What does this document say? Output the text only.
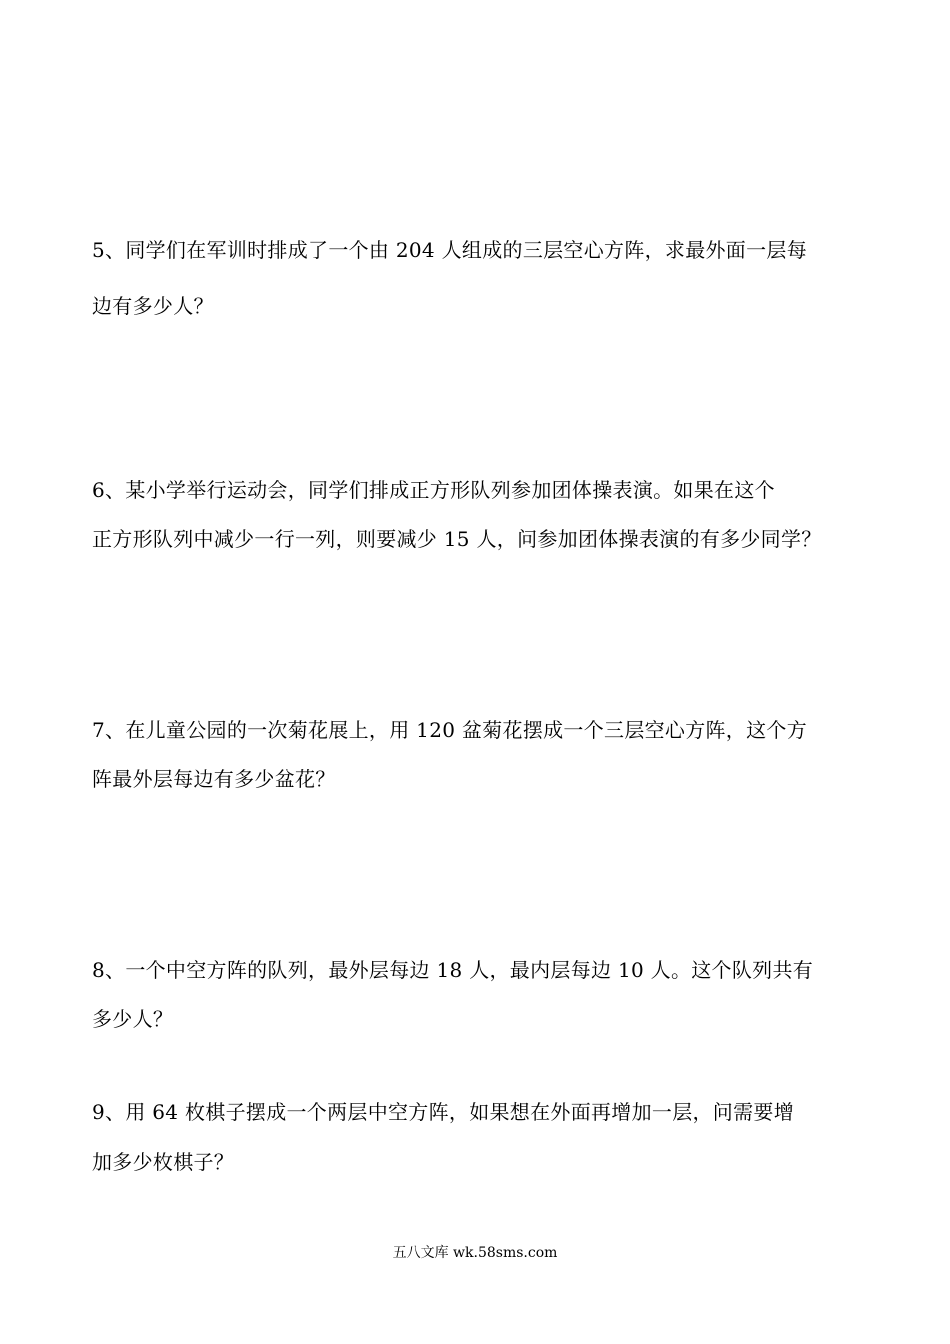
5、同学们在军训时排成了一个由 204 人组成的三层空心方阵，求最外面一层每
边有多少人？
6、某小学举行运动会，同学们排成正方形队列参加团体操表演。如果在这个
正方形队列中减少一行一列，则要减少 15 人，问参加团体操表演的有多少同学？
7、在儿童公园的一次菊花展上，用 120 盆菊花摆成一个三层空心方阵，这个方
阵最外层每边有多少盆花？
8、一个中空方阵的队列，最外层每边 18 人，最内层每边 10 人。这个队列共有
多少人？
9、用 64 枚棋子摆成一个两层中空方阵，如果想在外面再增加一层，问需要增
加多少枚棋子？
五八文库 wk.58sms.com
